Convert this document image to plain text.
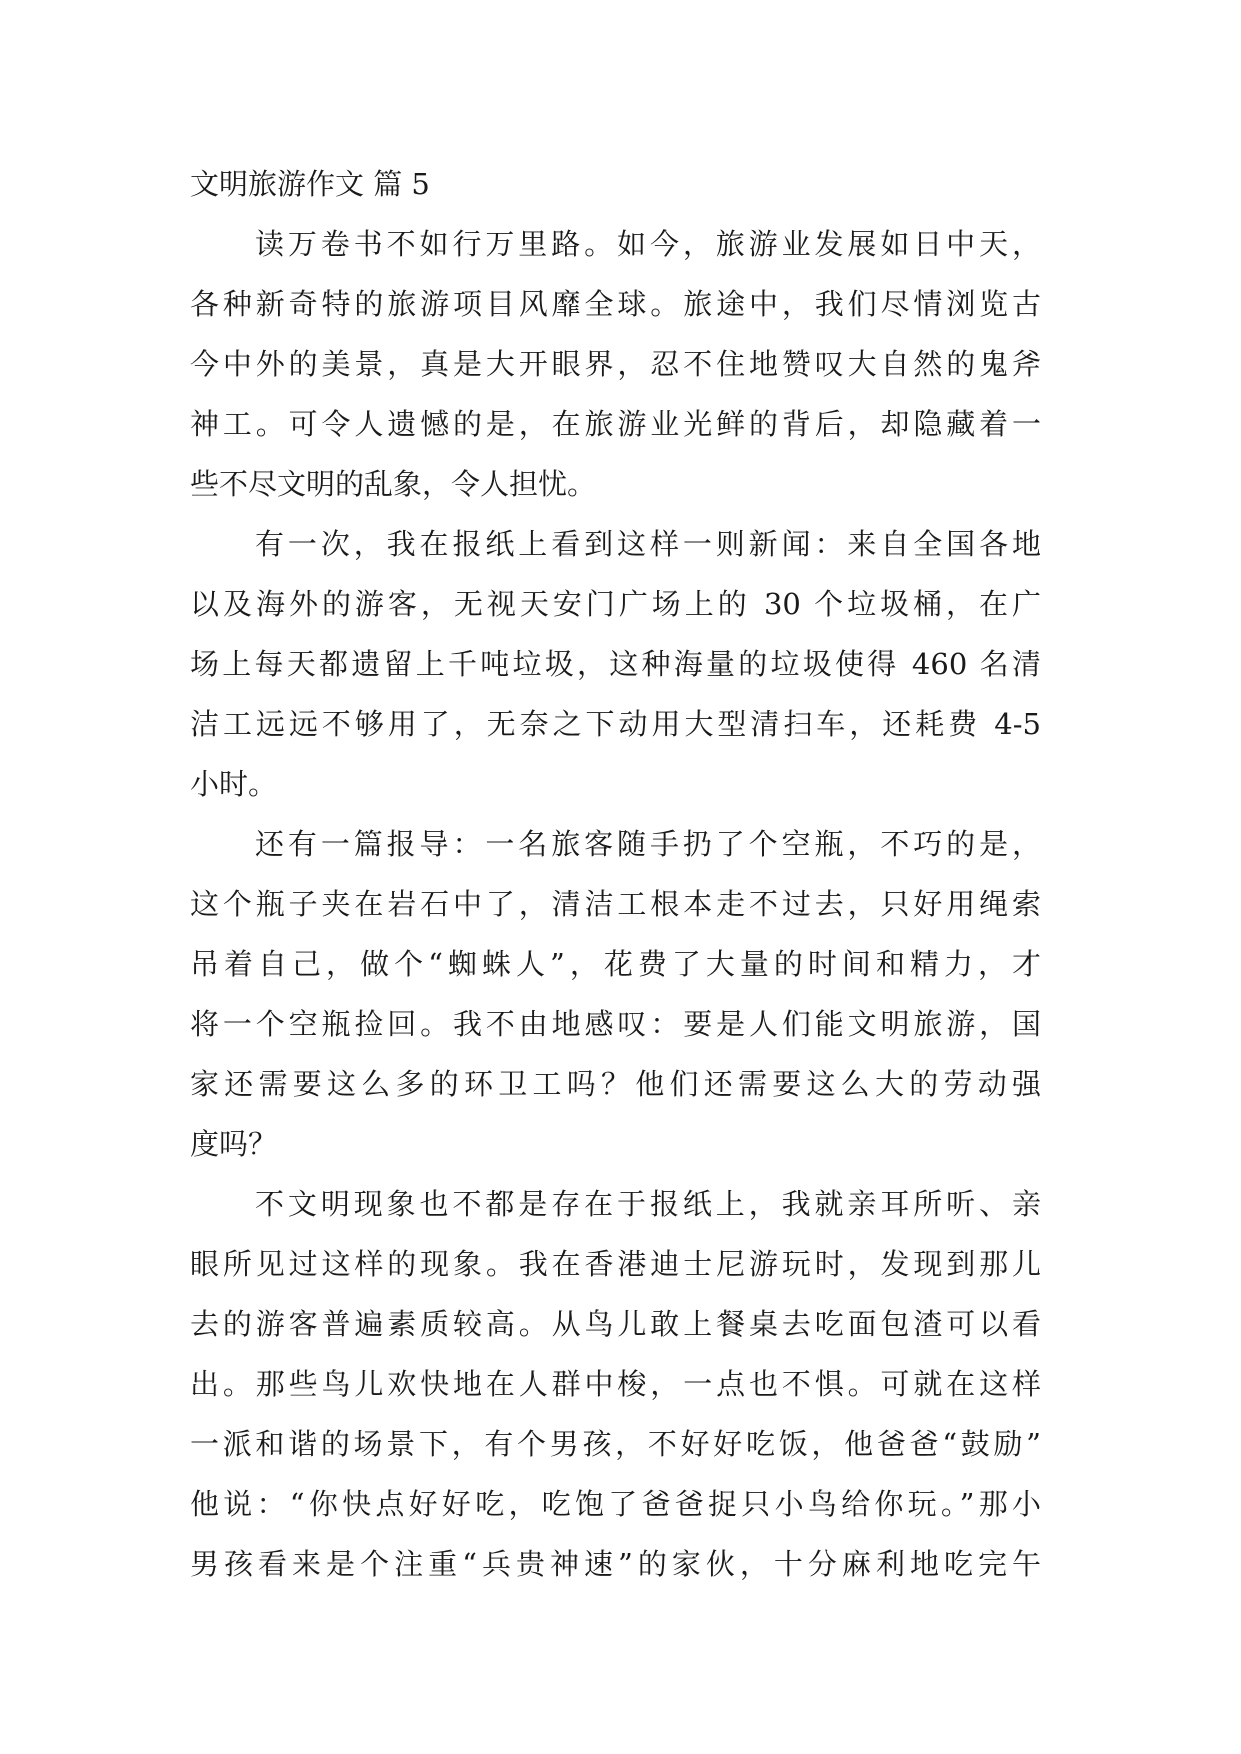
文明旅游作文 篇 5
读万卷书不如行万里路。如今，旅游业发展如日中天，
各种新奇特的旅游项目风靡全球。旅途中，我们尽情浏览古
今中外的美景，真是大开眼界，忍不住地赞叹大自然的鬼斧
神工。可令人遗憾的是，在旅游业光鲜的背后，却隐藏着一
些不尽文明的乱象，令人担忧。
有一次，我在报纸上看到这样一则新闻：来自全国各地
以及海外的游客，无视天安门广场上的 30 个垃圾桶，在广
场上每天都遗留上千吨垃圾，这种海量的垃圾使得 460 名清
洁工远远不够用了，无奈之下动用大型清扫车，还耗费 4-5
小时。
还有一篇报导：一名旅客随手扔了个空瓶，不巧的是，
这个瓶子夹在岩石中了，清洁工根本走不过去，只好用绳索
吊着自己，做个“蜘蛛人”，花费了大量的时间和精力，才
将一个空瓶捡回。我不由地感叹：要是人们能文明旅游，国
家还需要这么多的环卫工吗？他们还需要这么大的劳动强
度吗？
不文明现象也不都是存在于报纸上，我就亲耳所听、亲
眼所见过这样的现象。我在香港迪士尼游玩时，发现到那儿
去的游客普遍素质较高。从鸟儿敢上餐桌去吃面包渣可以看
出。那些鸟儿欢快地在人群中梭，一点也不惧。可就在这样
一派和谐的场景下，有个男孩，不好好吃饭，他爸爸“鼓励”
他说：“你快点好好吃，吃饱了爸爸捉只小鸟给你玩。”那小
男孩看来是个注重“兵贵神速”的家伙，十分麻利地吃完午
